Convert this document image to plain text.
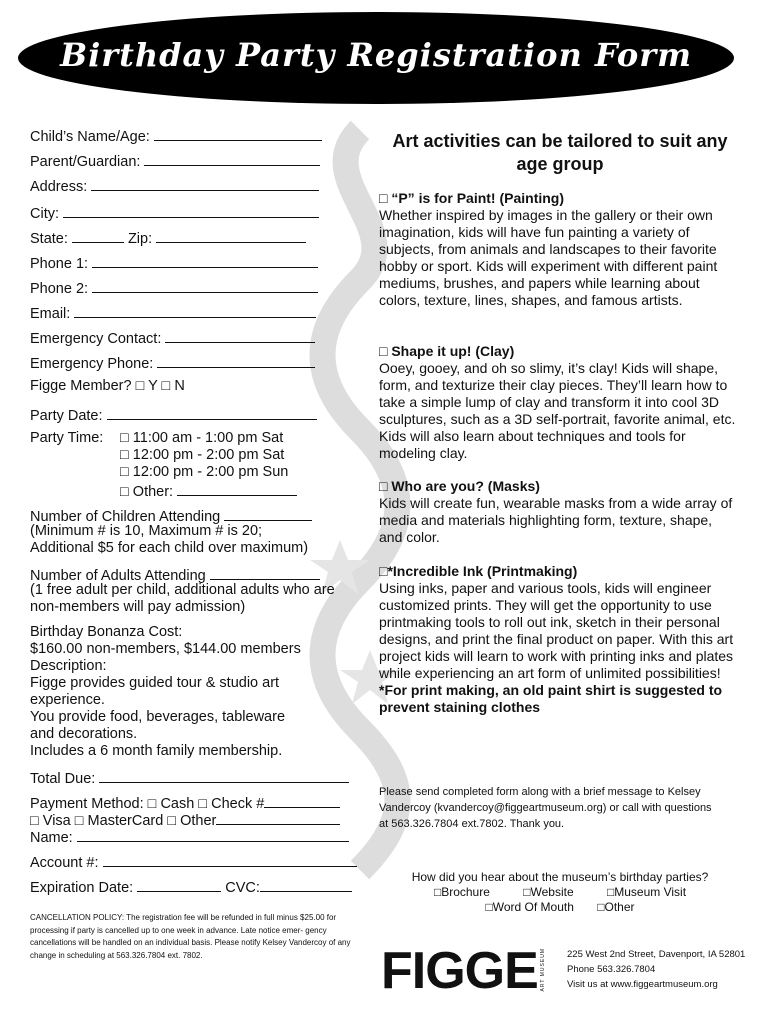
Birthday Party Registration Form
Child’s Name/Age:
Parent/Guardian:
Address:
City:
State:	Zip:
Phone 1:
Phone 2:
Email:
Emergency Contact:
Emergency Phone:
Figge Member? □ Y □ N
Party Date:
Party Time: □ 11:00 am - 1:00 pm Sat
□ 12:00 pm - 2:00 pm Sat
□ 12:00 pm - 2:00 pm Sun
□ Other:
Number of Children Attending
(Minimum # is 10, Maximum # is 20;
Additional $5 for each child over maximum)
Number of Adults Attending
(1 free adult per child, additional adults who are
non-members will pay admission)
Birthday Bonanza Cost:
$160.00 non-members, $144.00 members
Description:
Figge provides guided tour & studio art
experience.
You provide food, beverages, tableware
and decorations.
Includes a 6 month family membership.
Total Due:
Payment Method: □ Cash □ Check #
□ Visa □ MasterCard □ Other
Name:
Account #:
Expiration Date:	CVC:
CANCELLATION POLICY: The registration fee will be refunded in full minus $25.00 for processing if party is cancelled up to one week in advance. Late notice emer- gency cancellations will be handled on an individual basis. Please notify Kelsey Vandercoy of any change in scheduling at 563.326.7804 ext. 7802.
Art activities can be tailored to suit any age group
□ “P” is for Paint! (Painting)
Whether inspired by images in the gallery or their own imagination, kids will have fun painting a variety of subjects, from animals and landscapes to their favorite hobby or sport. Kids will experiment with different paint mediums, brushes, and papers while learning about colors, texture, lines, shapes, and famous artists.
□ Shape it up! (Clay)
Ooey, gooey, and oh so slimy, it’s clay! Kids will shape, form, and texturize their clay pieces. They’ll learn how to take a simple lump of clay and transform it into cool 3D sculptures, such as a 3D self-portrait, favorite animal, etc. Kids will also learn about techniques and tools for modeling clay.
□ Who are you? (Masks)
Kids will create fun, wearable masks from a wide array of media and materials highlighting form, texture, shape, and color.
□*Incredible Ink (Printmaking)
Using inks, paper and various tools, kids will engineer customized prints. They will get the opportunity to use printmaking tools to roll out ink, sketch in their personal designs, and print the final product on paper. With this art project kids will learn to work with printing inks and plates while experiencing an art form of unlimited possibilities!
*For print making, an old paint shirt is suggested to prevent staining clothes
Please send completed form along with a brief message to Kelsey Vandercoy (kvandercoy@figgeartmuseum.org) or call with questions at 563.326.7804 ext.7802. Thank you.
How did you hear about the museum’s birthday parties?
□Brochure	□Website	□Museum Visit
□Word Of Mouth □Other
FIGGE ART MUSEUM	225 West 2nd Street, Davenport, IA 52801
Phone 563.326.7804
Visit us at www.figgeartmuseum.org
